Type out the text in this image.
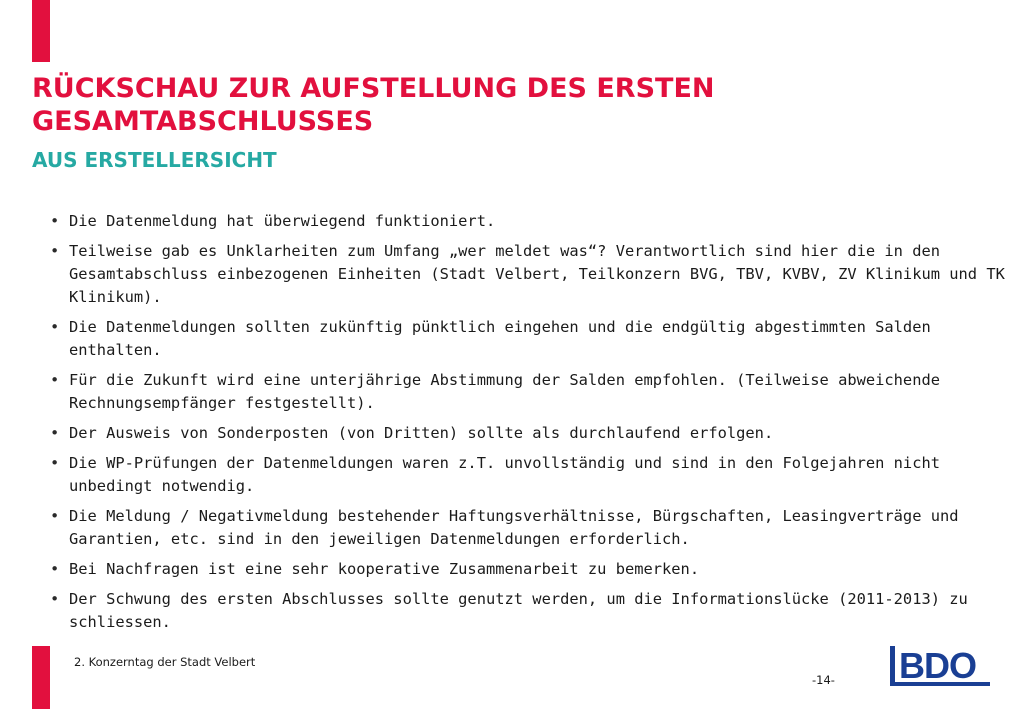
RÜCKSCHAU ZUR AUFSTELLUNG DES ERSTEN GESAMTABSCHLUSSES
AUS ERSTELLERSICHT
• Die Datenmeldung hat überwiegend funktioniert.
• Teilweise gab es Unklarheiten zum Umfang „wer meldet was“? Verantwortlich sind hier die in den Gesamtabschluss einbezogenen Einheiten (Stadt Velbert, Teilkonzern BVG, TBV, KVBV, ZV Klinikum und TK Klinikum).
• Die Datenmeldungen sollten zukünftig pünktlich eingehen und die endgültig abgestimmten Salden enthalten.
• Für die Zukunft wird eine unterjährige Abstimmung der Salden empfohlen. (Teilweise abweichende Rechnungsempfänger festgestellt).
• Der Ausweis von Sonderposten (von Dritten) sollte als durchlaufend erfolgen.
• Die WP-Prüfungen der Datenmeldungen waren z.T. unvollständig und sind in den Folgejahren nicht unbedingt notwendig.
• Die Meldung / Negativmeldung bestehender Haftungsverhältnisse, Bürgschaften, Leasingverträge und Garantien, etc. sind in den jeweiligen Datenmeldungen erforderlich.
• Bei Nachfragen ist eine sehr kooperative Zusammenarbeit zu bemerken.
• Der Schwung des ersten Abschlusses sollte genutzt werden, um die Informationslücke (2011-2013) zu schliessen.
2. Konzerntag der Stadt Velbert
-14- BDO
